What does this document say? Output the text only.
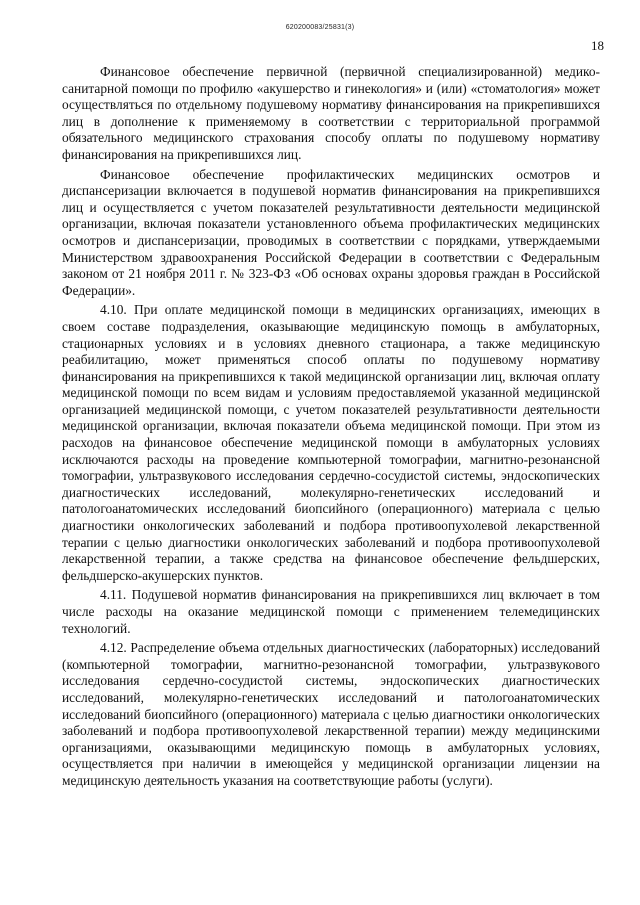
620200083/25831(3)
18

Финансовое обеспечение первичной (первичной специализированной) медико-санитарной помощи по профилю «акушерство и гинекология» и (или) «стоматология» может осуществляться по отдельному подушевому нормативу финансирования на прикрепившихся лиц в дополнение к применяемому в соответствии с территориальной программой обязательного медицинского страхования способу оплаты по подушевому нормативу финансирования на прикрепившихся лиц.

Финансовое обеспечение профилактических медицинских осмотров и диспансеризации включается в подушевой норматив финансирования на прикрепившихся лиц и осуществляется с учетом показателей результативности деятельности медицинской организации, включая показатели установленного объема профилактических медицинских осмотров и диспансеризации, проводимых в соответствии с порядками, утверждаемыми Министерством здравоохранения Российской Федерации в соответствии с Федеральным законом от 21 ноября 2011 г. № 323-ФЗ «Об основах охраны здоровья граждан в Российской Федерации».

4.10. При оплате медицинской помощи в медицинских организациях, имеющих в своем составе подразделения, оказывающие медицинскую помощь в амбулаторных, стационарных условиях и в условиях дневного стационара, а также медицинскую реабилитацию, может применяться способ оплаты по подушевому нормативу финансирования на прикрепившихся к такой медицинской организации лиц, включая оплату медицинской помощи по всем видам и условиям предоставляемой указанной медицинской организацией медицинской помощи, с учетом показателей результативности деятельности медицинской организации, включая показатели объема медицинской помощи. При этом из расходов на финансовое обеспечение медицинской помощи в амбулаторных условиях исключаются расходы на проведение компьютерной томографии, магнитно-резонансной томографии, ультразвукового исследования сердечно-сосудистой системы, эндоскопических диагностических исследований, молекулярно-генетических исследований и патологоанатомических исследований биопсийного (операционного) материала с целью диагностики онкологических заболеваний и подбора противоопухолевой лекарственной терапии с целью диагностики онкологических заболеваний и подбора противоопухолевой лекарственной терапии, а также средства на финансовое обеспечение фельдшерских, фельдшерско-акушерских пунктов.

4.11. Подушевой норматив финансирования на прикрепившихся лиц включает в том числе расходы на оказание медицинской помощи с применением телемедицинских технологий.

4.12. Распределение объема отдельных диагностических (лабораторных) исследований (компьютерной томографии, магнитно-резонансной томографии, ультразвукового исследования сердечно-сосудистой системы, эндоскопических диагностических исследований, молекулярно-генетических исследований и патологоанатомических исследований биопсийного (операционного) материала с целью диагностики онкологических заболеваний и подбора противоопухолевой лекарственной терапии) между медицинскими организациями, оказывающими медицинскую помощь в амбулаторных условиях, осуществляется при наличии в имеющейся у медицинской организации лицензии на медицинскую деятельность указания на соответствующие работы (услуги).
